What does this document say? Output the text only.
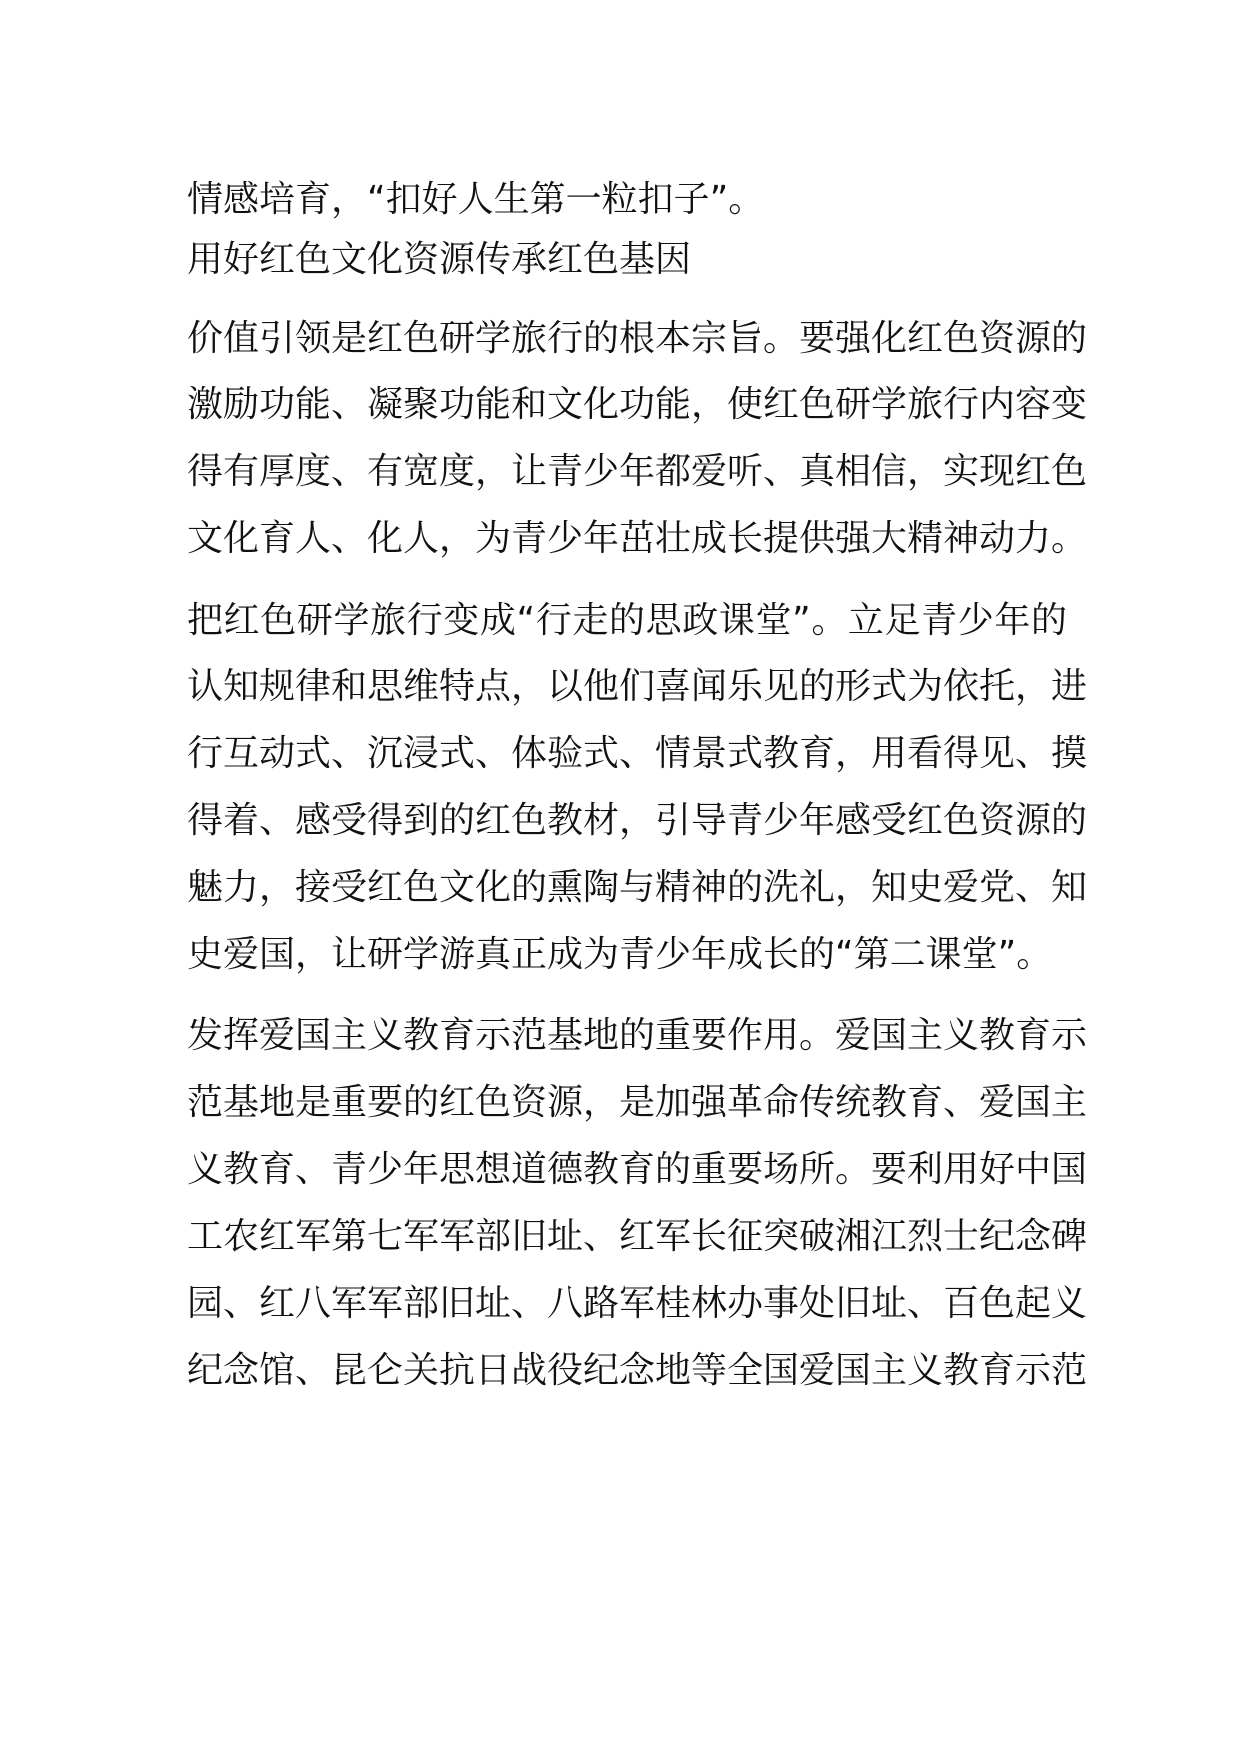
情感培育，“扣好人生第一粒扣子”。
用好红色文化资源传承红色基因
价值引领是红色研学旅行的根本宗旨。要强化红色资源的
激励功能、凝聚功能和文化功能，使红色研学旅行内容变
得有厚度、有宽度，让青少年都爱听、真相信，实现红色
文化育人、化人，为青少年茁壮成长提供强大精神动力。
把红色研学旅行变成“行走的思政课堂”。立足青少年的
认知规律和思维特点，以他们喜闻乐见的形式为依托，进
行互动式、沉浸式、体验式、情景式教育，用看得见、摸
得着、感受得到的红色教材，引导青少年感受红色资源的
魅力，接受红色文化的熏陶与精神的洗礼，知史爱党、知
史爱国，让研学游真正成为青少年成长的“第二课堂”。
发挥爱国主义教育示范基地的重要作用。爱国主义教育示
范基地是重要的红色资源，是加强革命传统教育、爱国主
义教育、青少年思想道德教育的重要场所。要利用好中国
工农红军第七军军部旧址、红军长征突破湘江烈士纪念碑
园、红八军军部旧址、八路军桂林办事处旧址、百色起义
纪念馆、昆仑关抗日战役纪念地等全国爱国主义教育示范
